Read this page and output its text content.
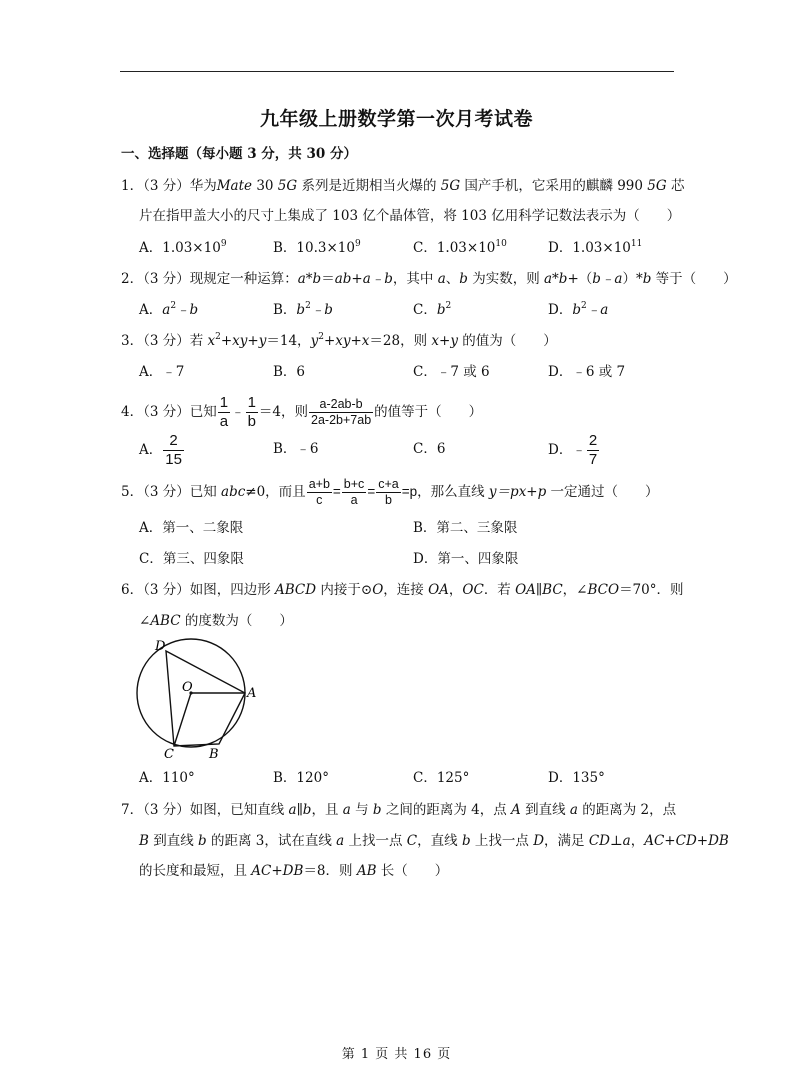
九年级上册数学第一次月考试卷
一、选择题（每小题 3 分，共 30 分）
1．（3 分）华为Mate 30 5G 系列是近期相当火爆的 5G 国产手机，它采用的麒麟 990 5G 芯
片在指甲盖大小的尺寸上集成了 103 亿个晶体管，将 103 亿用科学记数法表示为（　　）
A．$1.03\times 10^9$	B．$10.3\times 10^9$	C．$1.03\times 10^{10}$	D．$1.03\times 10^{11}$
2．（3 分）现规定一种运算：a*b＝ab+a﹣b，其中 a、b 为实数，则 a*b+（b﹣a）*b 等于（　　）
A．$a^2﹣b$	B．$b^2﹣b$	C．$b^2$	D．$b^2﹣a$
3．（3 分）若 $x^2+xy+y=14$，$y^2+xy+x=28$，则 x+y 的值为（　　）
A．﹣7	B．6	C．﹣7 或 6	D．﹣6 或 7
4．（3 分）已知 $\frac{1}{a}$ ﹣ $\frac{1}{b} =4$，则 $\frac{a-2ab-b}{2a-2b+7ab}$ 的值等于（　　）
A． $\frac{2}{15}$	B．﹣6	C．6	D．﹣ $\frac{2}{7}$
5．（3 分）已知 abc≠0，而且 $\frac{a+b}{c} = \frac{b+c}{a} = \frac{c+a}{b} =p$，那么直线 y＝px+p 一定通过（　　）
A．第一、二象限	B．第二、三象限
C．第三、四象限	D．第一、四象限
6．（3 分）如图，四边形 ABCD 内接于⊙O，连接 OA，OC．若 OA∥BC，∠BCO＝70°．则
∠ABC 的度数为（　　）
D
O	A
C	B
A．110°	B．120°	C．125°	D．135°
7．（3 分）如图，已知直线 a∥b，且 a 与 b 之间的距离为 4，点 A 到直线 a 的距离为 2，点
B 到直线 b 的距离 3，试在直线 a 上找一点 C，直线 b 上找一点 D，满足 CD⊥a，AC+CD+DB
的长度和最短，且 AC+DB＝8．则 AB 长（　　）
第 1 页 共 16 页
